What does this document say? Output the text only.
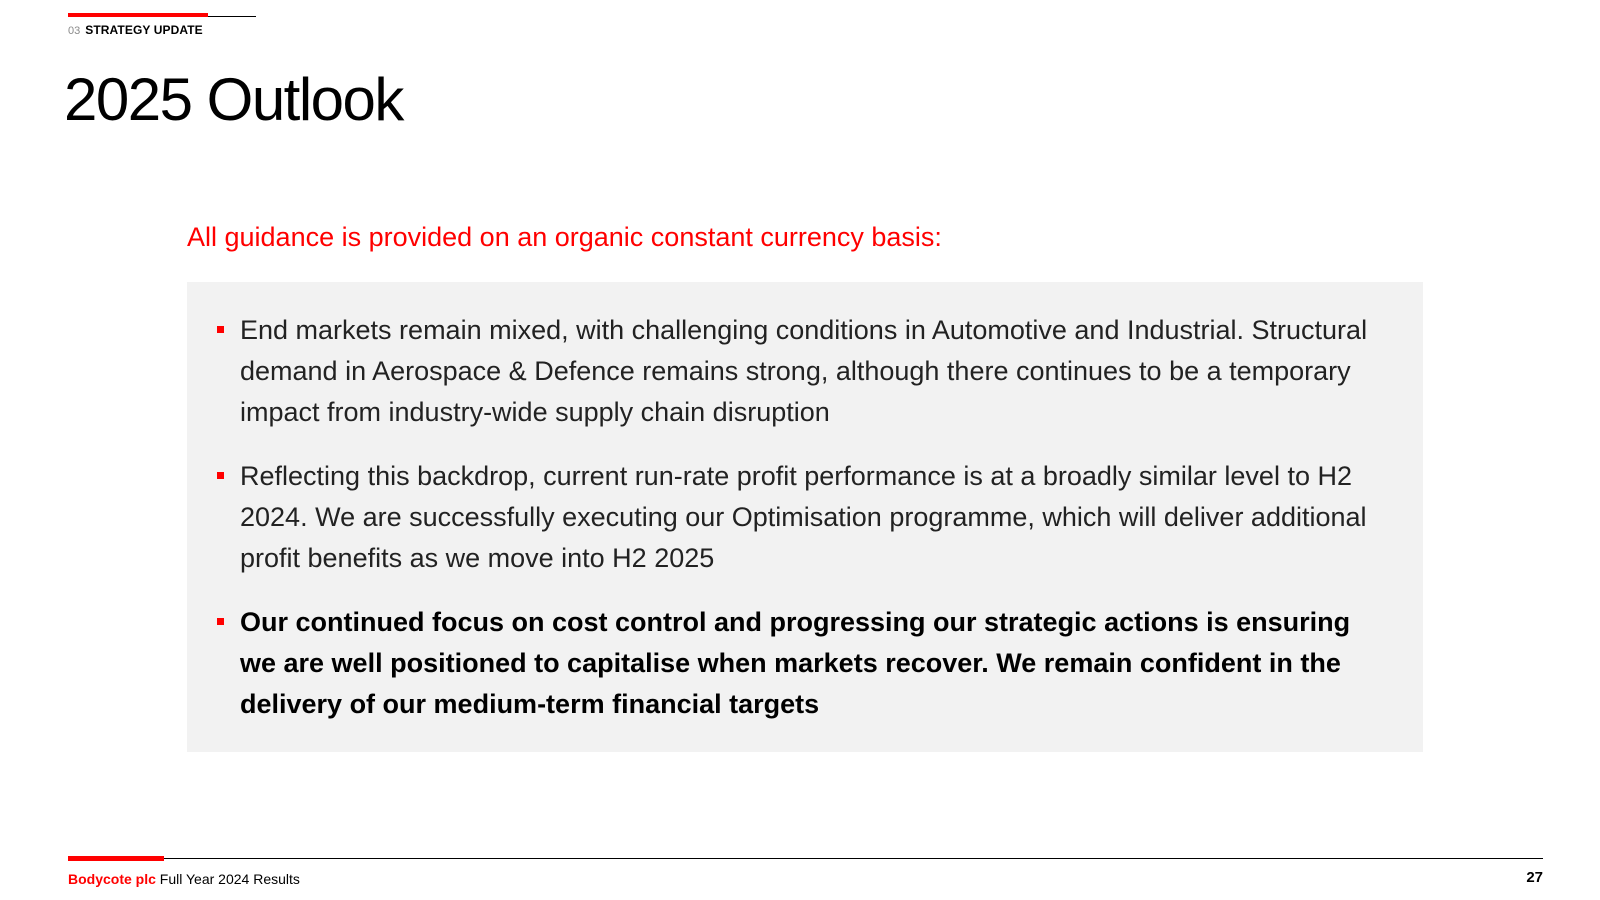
03 STRATEGY UPDATE
2025 Outlook

All guidance is provided on an organic constant currency basis:

End markets remain mixed, with challenging conditions in Automotive and Industrial. Structural demand in Aerospace & Defence remains strong, although there continues to be a temporary impact from industry-wide supply chain disruption
Reflecting this backdrop, current run-rate profit performance is at a broadly similar level to H2 2024. We are successfully executing our Optimisation programme, which will deliver additional profit benefits as we move into H2 2025
Our continued focus on cost control and progressing our strategic actions is ensuring we are well positioned to capitalise when markets recover. We remain confident in the delivery of our medium-term financial targets
Bodycote plc Full Year 2024 Results	27
